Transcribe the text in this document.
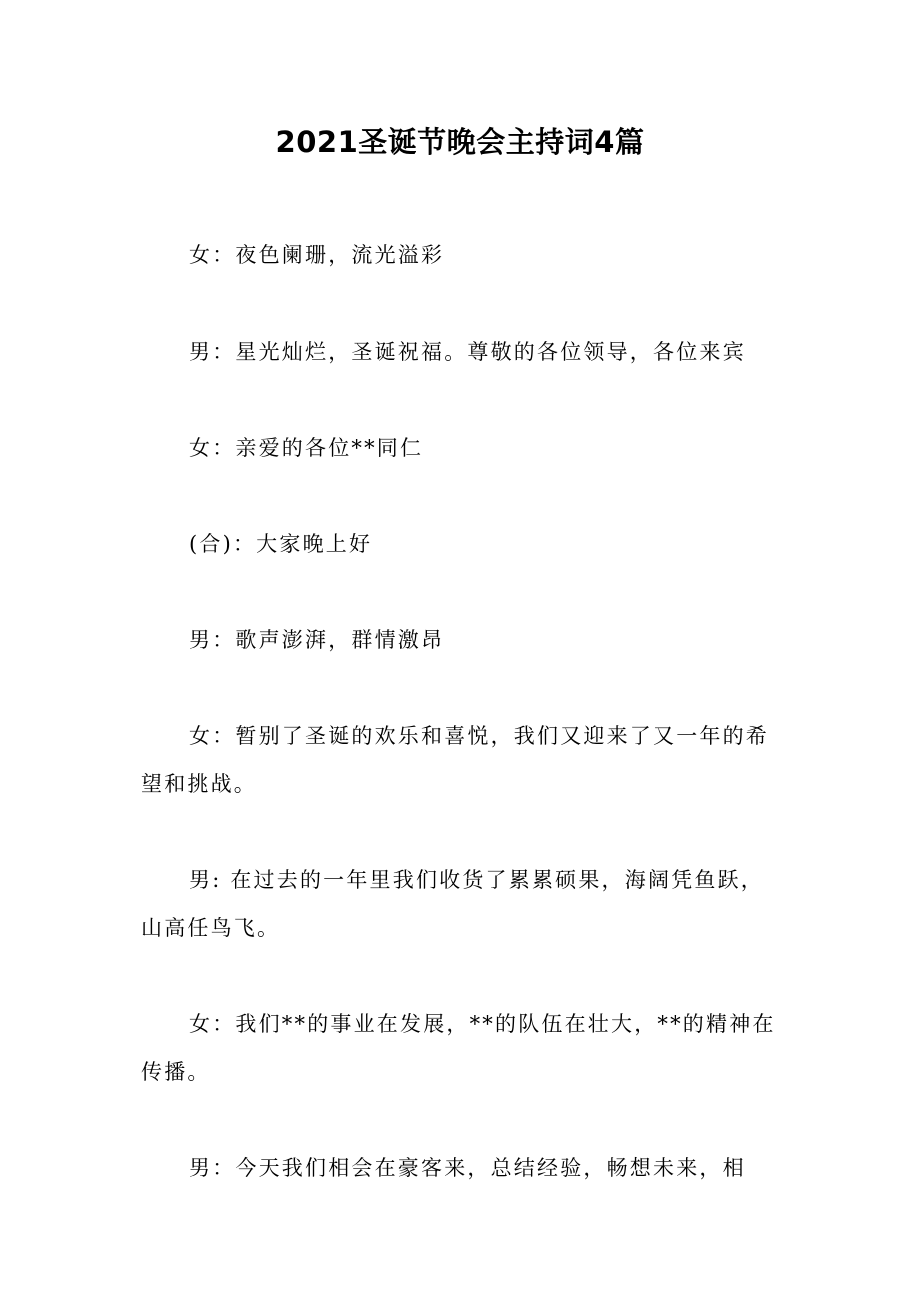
2021圣诞节晚会主持词4篇
女：夜色阑珊，流光溢彩
男：星光灿烂，圣诞祝福。尊敬的各位领导，各位来宾
女：亲爱的各位**同仁
(合)：大家晚上好
男：歌声澎湃，群情激昂
女：暂别了圣诞的欢乐和喜悦，我们又迎来了又一年的希望和挑战。
男: 在过去的一年里我们收货了累累硕果，海阔凭鱼跃，山高任鸟飞。
女：我们**的事业在发展，**的队伍在壮大，**的精神在传播。
男：今天我们相会在豪客来，总结经验，畅想未来，相
